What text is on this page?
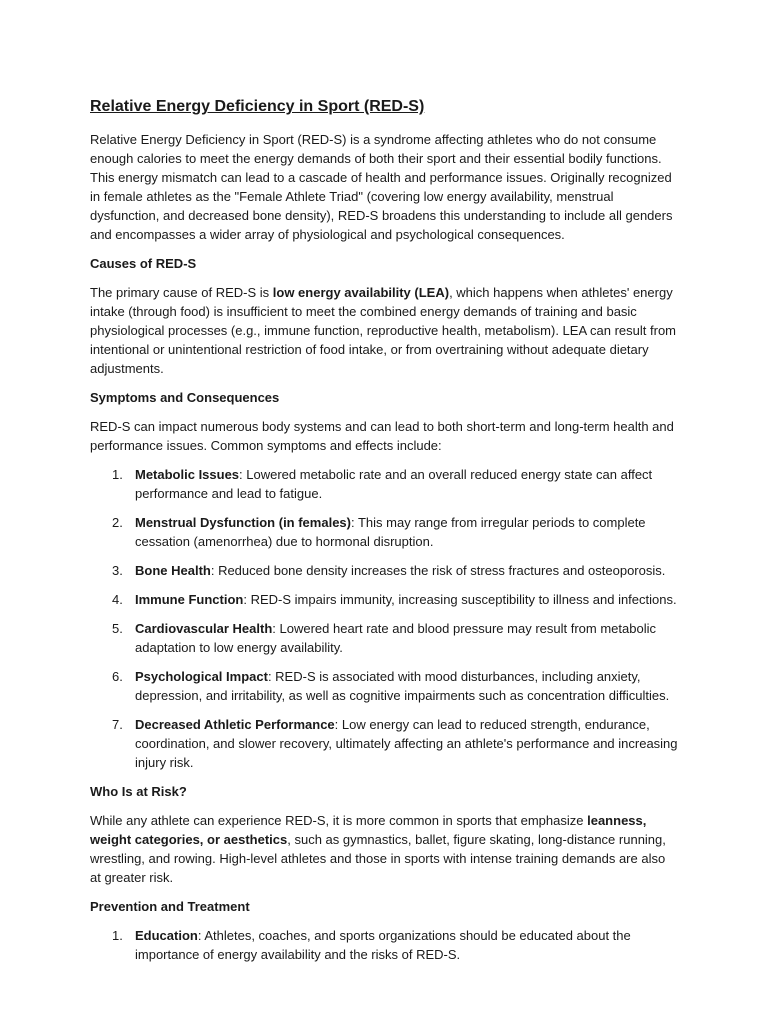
Relative Energy Deficiency in Sport (RED-S)

Relative Energy Deficiency in Sport (RED-S) is a syndrome affecting athletes who do not consume enough calories to meet the energy demands of both their sport and their essential bodily functions. This energy mismatch can lead to a cascade of health and performance issues. Originally recognized in female athletes as the "Female Athlete Triad" (covering low energy availability, menstrual dysfunction, and decreased bone density), RED-S broadens this understanding to include all genders and encompasses a wider array of physiological and psychological consequences.

Causes of RED-S

The primary cause of RED-S is low energy availability (LEA), which happens when athletes' energy intake (through food) is insufficient to meet the combined energy demands of training and basic physiological processes (e.g., immune function, reproductive health, metabolism). LEA can result from intentional or unintentional restriction of food intake, or from overtraining without adequate dietary adjustments.

Symptoms and Consequences

RED-S can impact numerous body systems and can lead to both short-term and long-term health and performance issues. Common symptoms and effects include:

1. Metabolic Issues: Lowered metabolic rate and an overall reduced energy state can affect performance and lead to fatigue.
2. Menstrual Dysfunction (in females): This may range from irregular periods to complete cessation (amenorrhea) due to hormonal disruption.
3. Bone Health: Reduced bone density increases the risk of stress fractures and osteoporosis.
4. Immune Function: RED-S impairs immunity, increasing susceptibility to illness and infections.
5. Cardiovascular Health: Lowered heart rate and blood pressure may result from metabolic adaptation to low energy availability.
6. Psychological Impact: RED-S is associated with mood disturbances, including anxiety, depression, and irritability, as well as cognitive impairments such as concentration difficulties.
7. Decreased Athletic Performance: Low energy can lead to reduced strength, endurance, coordination, and slower recovery, ultimately affecting an athlete's performance and increasing injury risk.
Who Is at Risk?

While any athlete can experience RED-S, it is more common in sports that emphasize leanness, weight categories, or aesthetics, such as gymnastics, ballet, figure skating, long-distance running, wrestling, and rowing. High-level athletes and those in sports with intense training demands are also at greater risk.

Prevention and Treatment
1. Education: Athletes, coaches, and sports organizations should be educated about the importance of energy availability and the risks of RED-S.
